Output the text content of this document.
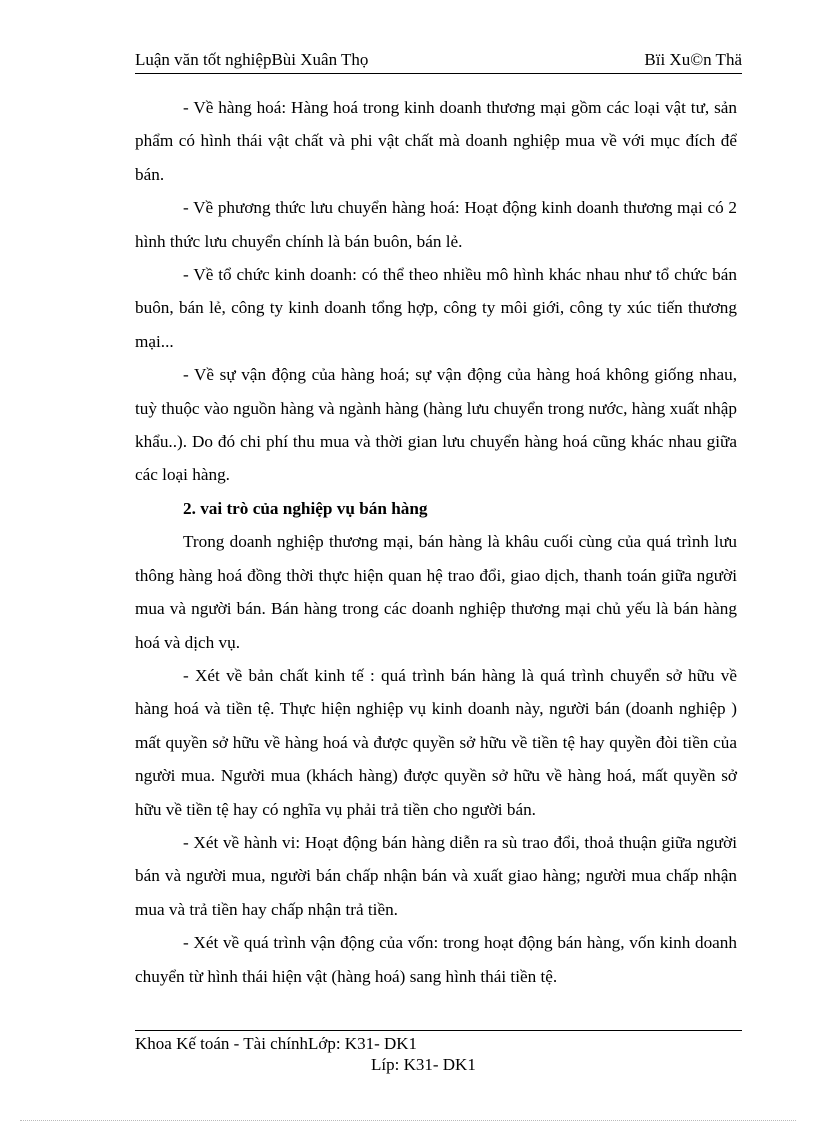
Luận văn tốt nghiệpBùi Xuân Thọ	Bïi Xu©n Thä

- Về hàng hoá: Hàng hoá trong kinh doanh thương mại gồm các loại vật tư, sản phẩm có hình thái vật chất và phi vật chất mà doanh nghiệp mua về với mục đích để bán.

- Về phương thức lưu chuyển hàng hoá: Hoạt động kinh doanh thương mại có 2 hình thức lưu chuyển chính là bán buôn, bán lẻ.

- Về tổ chức kinh doanh: có thể theo nhiều mô hình khác nhau như tổ chức bán buôn, bán lẻ, công ty kinh doanh tổng hợp, công ty môi giới, công ty xúc tiến thương mại...

- Về sự vận động của hàng hoá; sự vận động của hàng hoá không giống nhau, tuỳ thuộc vào nguồn hàng và ngành hàng (hàng lưu chuyển trong nước, hàng xuất nhập khẩu..). Do đó chi phí thu mua và thời gian lưu chuyển hàng hoá cũng khác nhau giữa các loại hàng.

2. vai trò của nghiệp vụ bán hàng

Trong doanh nghiệp thương mại, bán hàng là khâu cuối cùng của quá trình lưu thông hàng hoá đồng thời thực hiện quan hệ trao đổi, giao dịch, thanh toán giữa người mua và người bán. Bán hàng trong các doanh nghiệp thương mại chủ yếu là bán hàng hoá và dịch vụ.

- Xét về bản chất kinh tế : quá trình bán hàng là quá trình chuyển sở hữu về hàng hoá và tiền tệ. Thực hiện nghiệp vụ kinh doanh này, người bán (doanh nghiệp ) mất quyền sở hữu về hàng hoá và được quyền sở hữu về tiền tệ hay quyền đòi tiền của người mua. Người mua (khách hàng) được quyền sở hữu về hàng hoá, mất quyền sở hữu về tiền tệ hay có nghĩa vụ phải trả tiền cho người bán.

- Xét về hành vi: Hoạt động bán hàng diễn ra sù trao đổi, thoả thuận giữa người bán và người mua, người bán chấp nhận bán và xuất giao hàng; người mua chấp nhận mua và trả tiền hay chấp nhận trả tiền.

- Xét về quá trình vận động của vốn: trong hoạt động bán hàng, vốn kinh doanh chuyển từ hình thái hiện vật (hàng hoá) sang hình thái tiền tệ.

Khoa Kế toán - Tài chínhLớp: K31- DK1
Líp: K31- DK1
